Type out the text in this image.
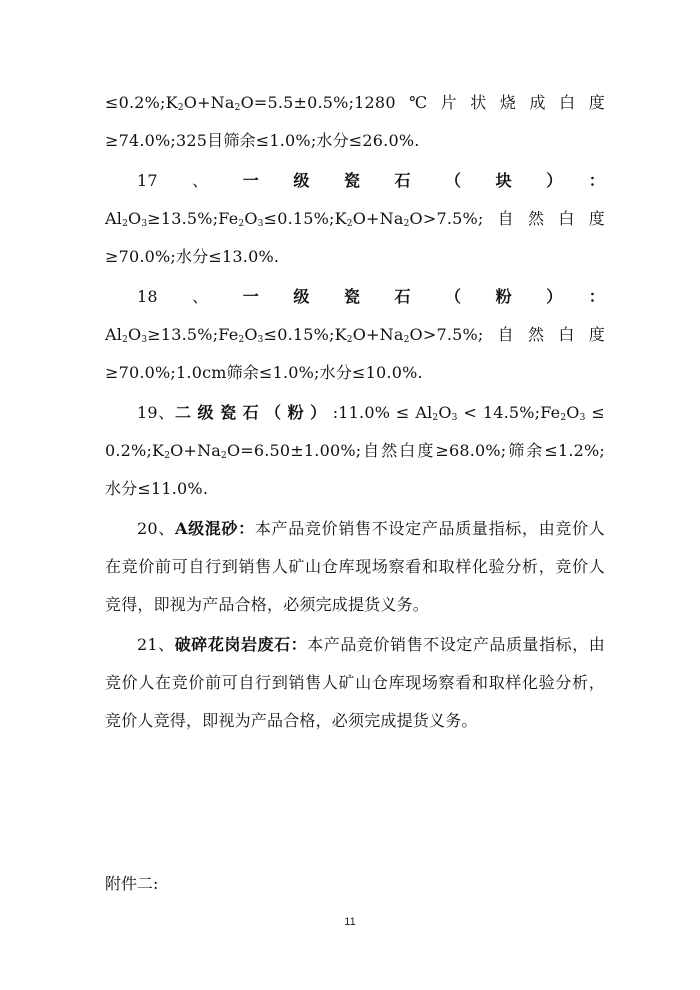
$\le 0.2\%;K_2O+Na_2O=5.5\pm 0.5\%;1280℃$片状烧成白度≥74.0%;325目筛余≤1.0%;水分≤26.0%.

17、一级瓷石（块）：$Al_2O_3\ge 13.5\%;Fe_2O_3\le 0.15\%;K_2O+Na_2O>7.5\%$;自然白度≥70.0%;水分≤13.0%.

18、一级瓷石（粉）：$Al_2O_3\ge 13.5\%;Fe_2O_3\le 0.15\%;K_2O+Na_2O>7.5\%$;自然白度≥70.0%;1.0cm筛余≤1.0%;水分≤10.0%.

19、二级瓷石（粉）:11.0% ≤ $Al_2O_3$ < $14.5\%;Fe_2O_3$ ≤ $0.2\%;K_2O+Na_2O=6.50\pm 1.00\%$;自然白度≥68.0%;筛余≤1.2%;水分≤11.0%.

20、A级混砂：本产品竞价销售不设定产品质量指标，由竞价人在竞价前可自行到销售人矿山仓库现场察看和取样化验分析，竞价人竞得，即视为产品合格，必须完成提货义务。

21、破碎花岗岩废石：本产品竞价销售不设定产品质量指标，由竞价人在竞价前可自行到销售人矿山仓库现场察看和取样化验分析，竞价人竞得，即视为产品合格，必须完成提货义务。

附件二:
11
